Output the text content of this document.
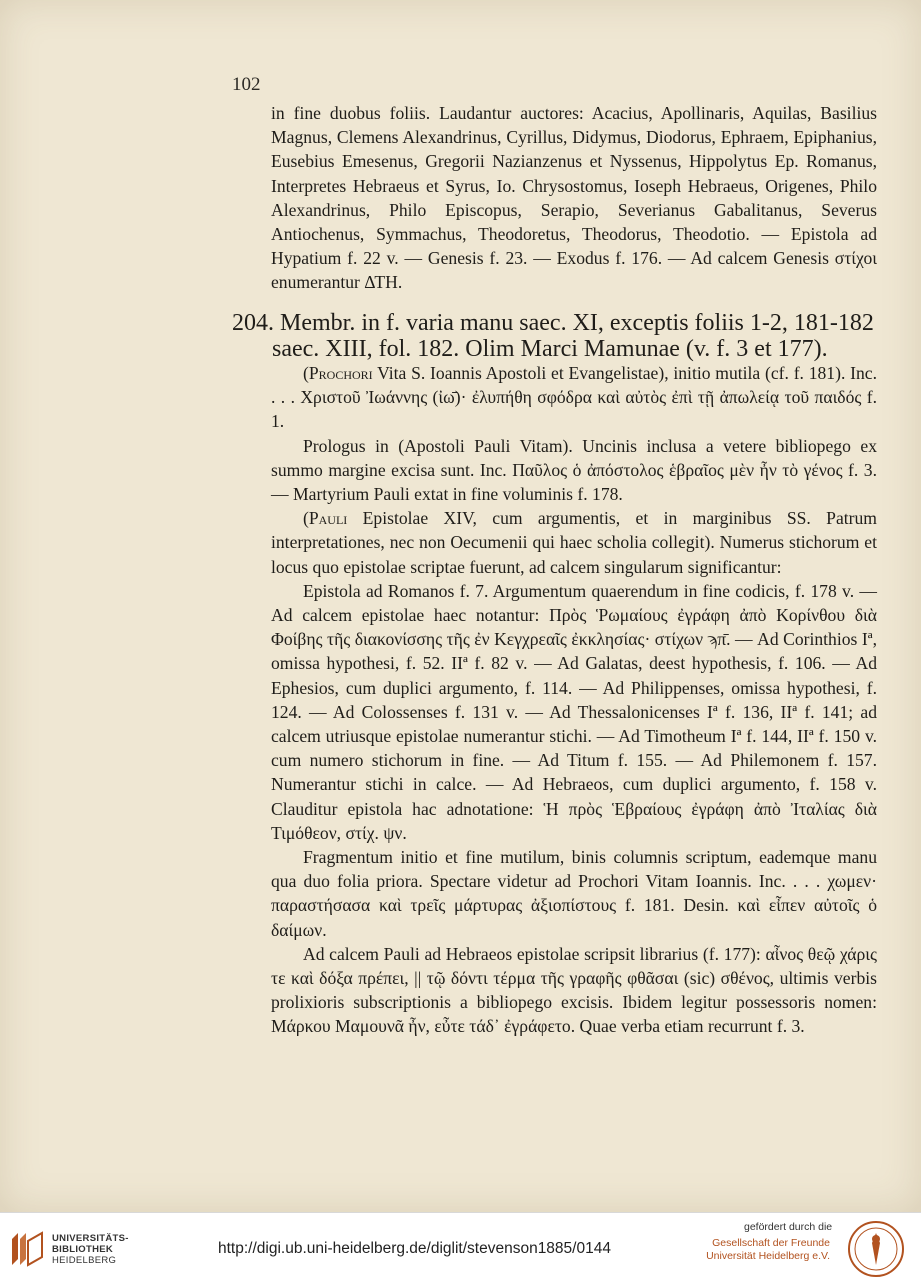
102

in fine duobus foliis. Laudantur auctores: Acacius, Apollinaris, Aquilas, Basilius Magnus, Clemens Alexandrinus, Cyrillus, Didymus, Diodorus, Ephraem, Epiphanius, Eusebius Emesenus, Gregorii Nazianzenus et Nyssenus, Hippolytus Ep. Romanus, Interpretes Hebraeus et Syrus, Io. Chrysostomus, Ioseph Hebraeus, Origenes, Philo Alexandrinus, Philo Episcopus, Serapio, Severianus Gabalitanus, Severus Antiochenus, Symmachus, Theodoretus, Theodorus, Theodotio. — Epistola ad Hypatium f. 22 v. — Genesis f. 23. — Exodus f. 176. — Ad calcem Genesis στίχοι enumerantur ΔΤΗ.

204. Membr. in f. varia manu saec. XI, exceptis foliis 1-2, 181-182
saec. XIII, fol. 182. Olim Marci Mamunae (v. f. 3 et 177).

(Prochori Vita S. Ioannis Apostoli et Evangelistae), initio mutila (cf. f. 181). Inc. . . . Χριστοῦ Ἰωάννης (ἰω̄)· ἐλυπήθη σφόδρα καὶ αὐτὸς ἐπὶ τῇ ἀπωλείᾳ τοῦ παιδός f. 1.

Prologus in (Apostoli Pauli Vitam). Uncinis inclusa a vetere bibliopego ex summo margine excisa sunt. Inc. Παῦλος ὁ ἀπόστολος ἑβραῖος μὲν ἦν τὸ γένος f. 3. — Martyrium Pauli extat in fine voluminis f. 178.

(Pauli Epistolae XIV, cum argumentis, et in marginibus SS. Patrum interpretationes, nec non Oecumenii qui haec scholia collegit). Numerus stichorum et locus quo epistolae scriptae fuerunt, ad calcem singularum significantur:

Epistola ad Romanos f. 7. Argumentum quaerendum in fine codicis, f. 178 v. — Ad calcem epistolae haec notantur: Πρὸς Ῥωμαίους ἐγράφη ἀπὸ Κορίνθου διὰ Φοίβης τῆς διακονίσσης τῆς ἐν Κεγχρεαῖς ἐκκλησίας· στίχων ϡπ̄. — Ad Corinthios Iª, omissa hypothesi, f. 52. IIª f. 82 v. — Ad Galatas, deest hypothesis, f. 106. — Ad Ephesios, cum duplici argumento, f. 114. — Ad Philippenses, omissa hypothesi, f. 124. — Ad Colossenses f. 131 v. — Ad Thessalonicenses Iª f. 136, IIª f. 141; ad calcem utriusque epistolae numerantur stichi. — Ad Timotheum Iª f. 144, IIª f. 150 v. cum numero stichorum in fine. — Ad Titum f. 155. — Ad Philemonem f. 157. Numerantur stichi in calce. — Ad Hebraeos, cum duplici argumento, f. 158 v. Clauditur epistola hac adnotatione: Ἡ πρὸς Ἑβραίους ἐγράφη ἀπὸ Ἰταλίας διὰ Τιμόθεον, στίχ. ψν.

Fragmentum initio et fine mutilum, binis columnis scriptum, eademque manu qua duo folia priora. Spectare videtur ad Prochori Vitam Ioannis. Inc. . . . χωμεν· παραστήσασα καὶ τρεῖς μάρτυρας ἀξιοπίστους f. 181. Desin. καὶ εἶπεν αὐτοῖς ὁ δαίμων.

Ad calcem Pauli ad Hebraeos epistolae scripsit librarius (f. 177): αἶνος θεῷ χάρις τε καὶ δόξα πρέπει, || τῷ δόντι τέρμα τῆς γραφῆς φθᾶσαι (sic) σθένος, ultimis verbis prolixioris subscriptionis a bibliopego excisis. Ibidem legitur possessoris nomen: Μάρκου Μαμουνᾶ ἦν, εὖτε τάδ᾽ ἐγράφετο. Quae verba etiam recurrunt f. 3.

UNIVERSITÄTS-
BIBLIOTHEK
HEIDELBERG
http://digi.ub.uni-heidelberg.de/diglit/stevenson1885/0144
gefördert durch die
Gesellschaft der Freunde
Universität Heidelberg e.V.
